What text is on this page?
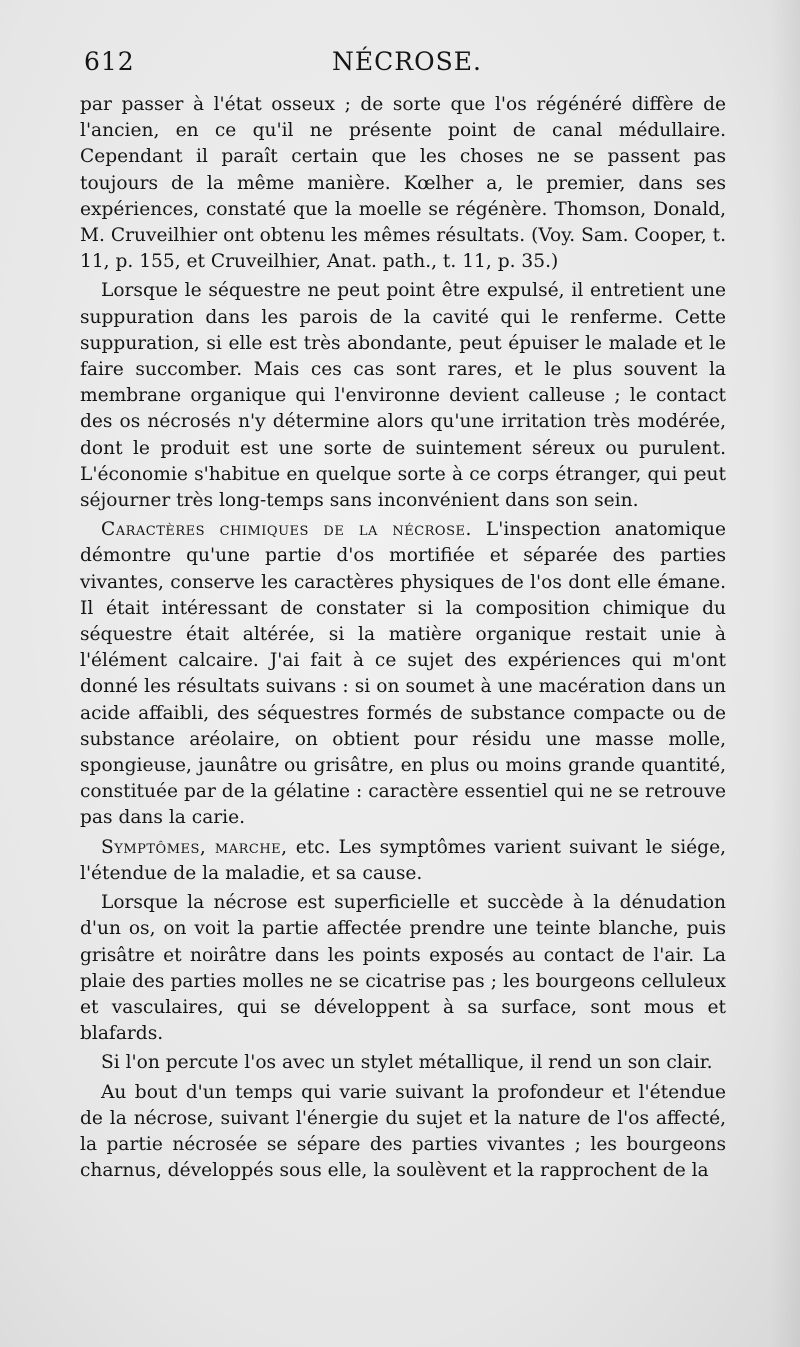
612	NÉCROSE.

par passer à l'état osseux ; de sorte que l'os régénéré diffère de l'ancien, en ce qu'il ne présente point de canal médullaire. Cependant il paraît certain que les choses ne se passent pas toujours de la même manière. Kœlher a, le premier, dans ses expériences, constaté que la moelle se régénère. Thomson, Donald, M. Cruveilhier ont obtenu les mêmes résultats. (Voy. Sam. Cooper, t. 11, p. 155, et Cruveilhier, Anat. path., t. 11, p. 35.)

Lorsque le séquestre ne peut point être expulsé, il entretient une suppuration dans les parois de la cavité qui le renferme. Cette suppuration, si elle est très abondante, peut épuiser le malade et le faire succomber. Mais ces cas sont rares, et le plus souvent la membrane organique qui l'environne devient calleuse ; le contact des os nécrosés n'y détermine alors qu'une irritation très modérée, dont le produit est une sorte de suintement séreux ou purulent. L'économie s'habitue en quelque sorte à ce corps étranger, qui peut séjourner très long-temps sans inconvénient dans son sein.

Caractères chimiques de la nécrose. L'inspection anatomique démontre qu'une partie d'os mortifiée et séparée des parties vivantes, conserve les caractères physiques de l'os dont elle émane. Il était intéressant de constater si la composition chimique du séquestre était altérée, si la matière organique restait unie à l'élément calcaire. J'ai fait à ce sujet des expériences qui m'ont donné les résultats suivans : si on soumet à une macération dans un acide affaibli, des séquestres formés de substance compacte ou de substance aréolaire, on obtient pour résidu une masse molle, spongieuse, jaunâtre ou grisâtre, en plus ou moins grande quantité, constituée par de la gélatine : caractère essentiel qui ne se retrouve pas dans la carie.

Symptômes, marche, etc. Les symptômes varient suivant le siége, l'étendue de la maladie, et sa cause.

Lorsque la nécrose est superficielle et succède à la dénudation d'un os, on voit la partie affectée prendre une teinte blanche, puis grisâtre et noirâtre dans les points exposés au contact de l'air. La plaie des parties molles ne se cicatrise pas ; les bourgeons celluleux et vasculaires, qui se développent à sa surface, sont mous et blafards.

Si l'on percute l'os avec un stylet métallique, il rend un son clair.

Au bout d'un temps qui varie suivant la profondeur et l'étendue de la nécrose, suivant l'énergie du sujet et la nature de l'os affecté, la partie nécrosée se sépare des parties vivantes ; les bourgeons charnus, développés sous elle, la soulèvent et la rapprochent de la
